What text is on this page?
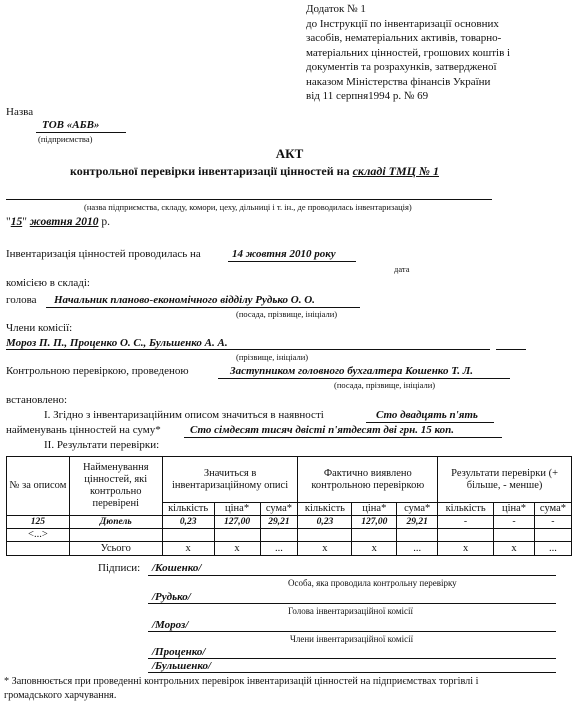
Додаток № 1
до Інструкції по інвентаризації основних
засобів, нематеріальних активів, товарно-
матеріальних цінностей, грошових коштів і
документів та розрахунків, затвердженої
наказом Міністерства фінансів України
від 11 серпня1994 р. № 69
Назва
ТОВ «АБВ»
(підприємства)
АКТ
контрольної перевірки інвентаризації цінностей на складі ТМЦ № 1
(назва підприємства, складу, комори, цеху, дільниці і т. ін., де проводилась інвентаризація)
"15" жовтня 2010 р.
Інвентаризація цінностей проводилась на	14 жовтня 2010 року
дата
комісією в складі:
голова Начальник планово-економічного відділу Рудько О. О.
(посада, прізвище, ініціали)
Члени комісії:
Мороз П. П., Проценко О. С., Бульшенко А. А.
(прізвище, ініціали)
Контрольною перевіркою, проведеною	Заступником головного бухгалтера Кошенко Т. Л.
(посада, прізвище, ініціали)
встановлено:
I. Згідно з інвентаризаційним описом значиться в наявності	Сто двадцять п'ять
найменувань цінностей на суму*	Сто сімдесят тисяч двісті п'ятдесят дві грн. 15 коп.
II. Результати перевірки:
№ за описом	Найменування цінностей, які контрольно перевірені	Значиться в інвентаризаційному описі			Фактично виявлено контрольною перевіркою			Результати перевірки (+ більше, - менше)		
		кількість	ціна*	сума*	кількість	ціна*	сума*	кількість	ціна*	сума*
125	Дюпель	0,23	127,00	29,21	0,23	127,00	29,21	-	-	-
<...>										
	Усього	х	х	...	х	х	...	х	х	...
Підписи: /Кошенко/
Особа, яка проводила контрольну перевірку
/Рудько/
Голова інвентаризаційної комісії
/Мороз/
Члени інвентаризаційної комісії
/Проценко/
/Бульшенко/
* Заповнюється при проведенні контрольних перевірок інвентаризацій цінностей на підприємствах торгівлі і
громадського харчування.
